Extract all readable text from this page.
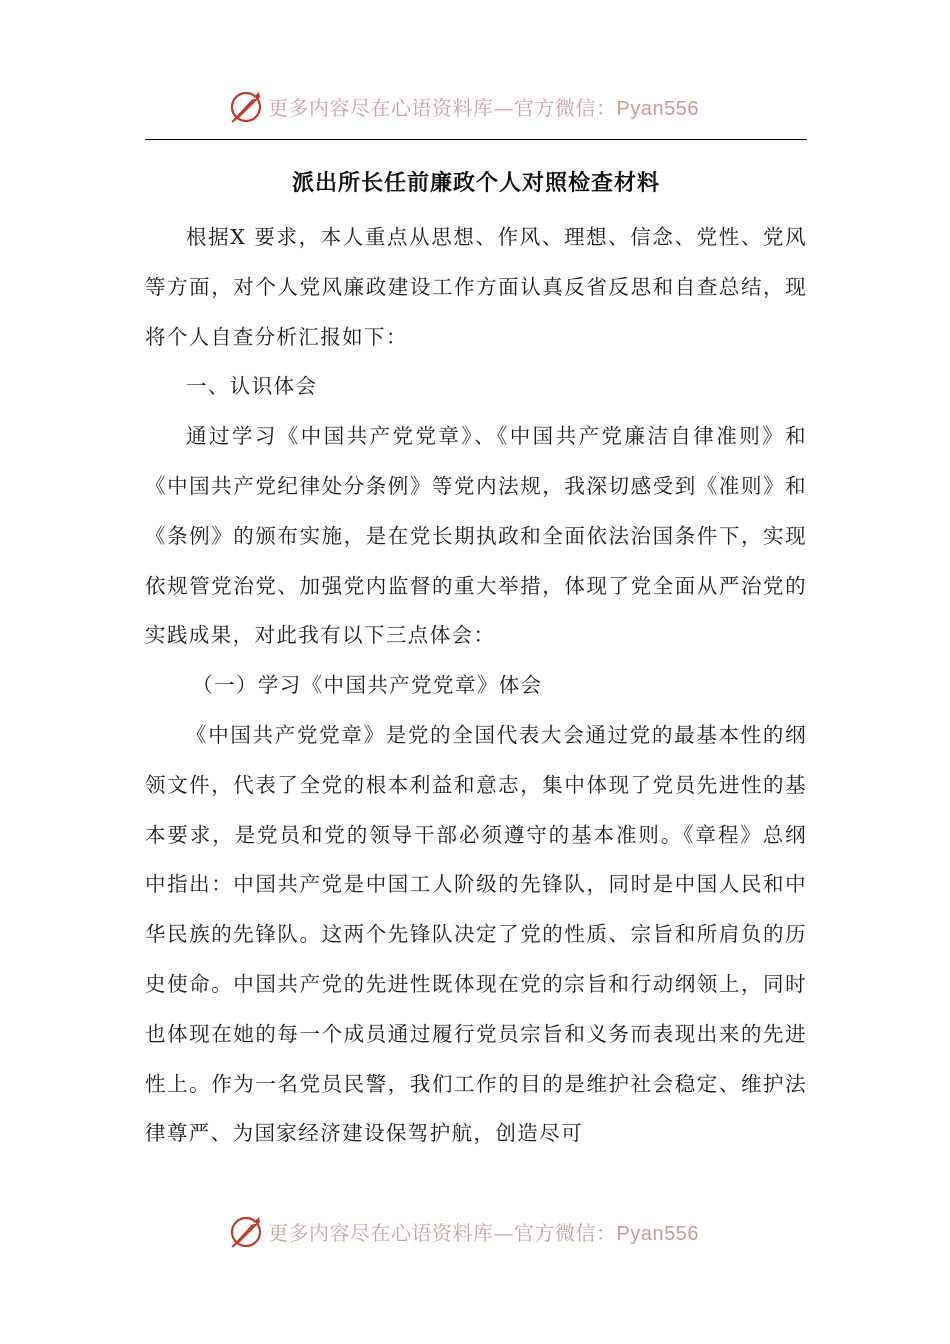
更多内容尽在心语资料库—官方微信：Pyan556
派出所长任前廉政个人对照检查材料

根据X 要求，本人重点从思想、作风、理想、信念、党性、党风等方面，对个人党风廉政建设工作方面认真反省反思和自查总结，现将个人自查分析汇报如下：

一、认识体会

通过学习《中国共产党党章》、《中国共产党廉洁自律准则》和《中国共产党纪律处分条例》等党内法规，我深切感受到《准则》和《条例》的颁布实施，是在党长期执政和全面依法治国条件下，实现依规管党治党、加强党内监督的重大举措，体现了党全面从严治党的实践成果，对此我有以下三点体会：

（一）学习《中国共产党党章》体会

《中国共产党党章》是党的全国代表大会通过党的最基本性的纲领文件，代表了全党的根本利益和意志，集中体现了党员先进性的基本要求，是党员和党的领导干部必须遵守的基本准则。《章程》总纲中指出：中国共产党是中国工人阶级的先锋队，同时是中国人民和中华民族的先锋队。这两个先锋队决定了党的性质、宗旨和所肩负的历史使命。中国共产党的先进性既体现在党的宗旨和行动纲领上，同时也体现在她的每一个成员通过履行党员宗旨和义务而表现出来的先进性上。作为一名党员民警，我们工作的目的是维护社会稳定、维护法律尊严、为国家经济建设保驾护航，创造尽可

更多内容尽在心语资料库—官方微信：Pyan556
